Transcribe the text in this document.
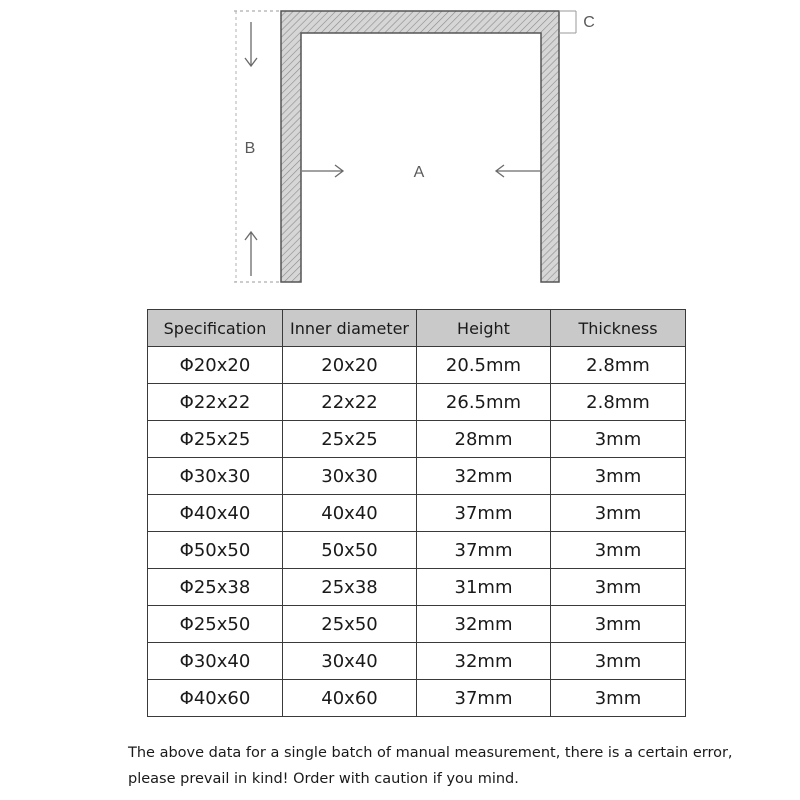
B
A
C
Specification	Inner diameter	Height	Thickness
Φ20x20	20x20	20.5mm	2.8mm
Φ22x22	22x22	26.5mm	2.8mm
Φ25x25	25x25	28mm	3mm
Φ30x30	30x30	32mm	3mm
Φ40x40	40x40	37mm	3mm
Φ50x50	50x50	37mm	3mm
Φ25x38	25x38	31mm	3mm
Φ25x50	25x50	32mm	3mm
Φ30x40	30x40	32mm	3mm
Φ40x60	40x60	37mm	3mm

The above data for a single batch of manual measurement, there is a certain error,

please prevail in kind! Order with caution if you mind.
